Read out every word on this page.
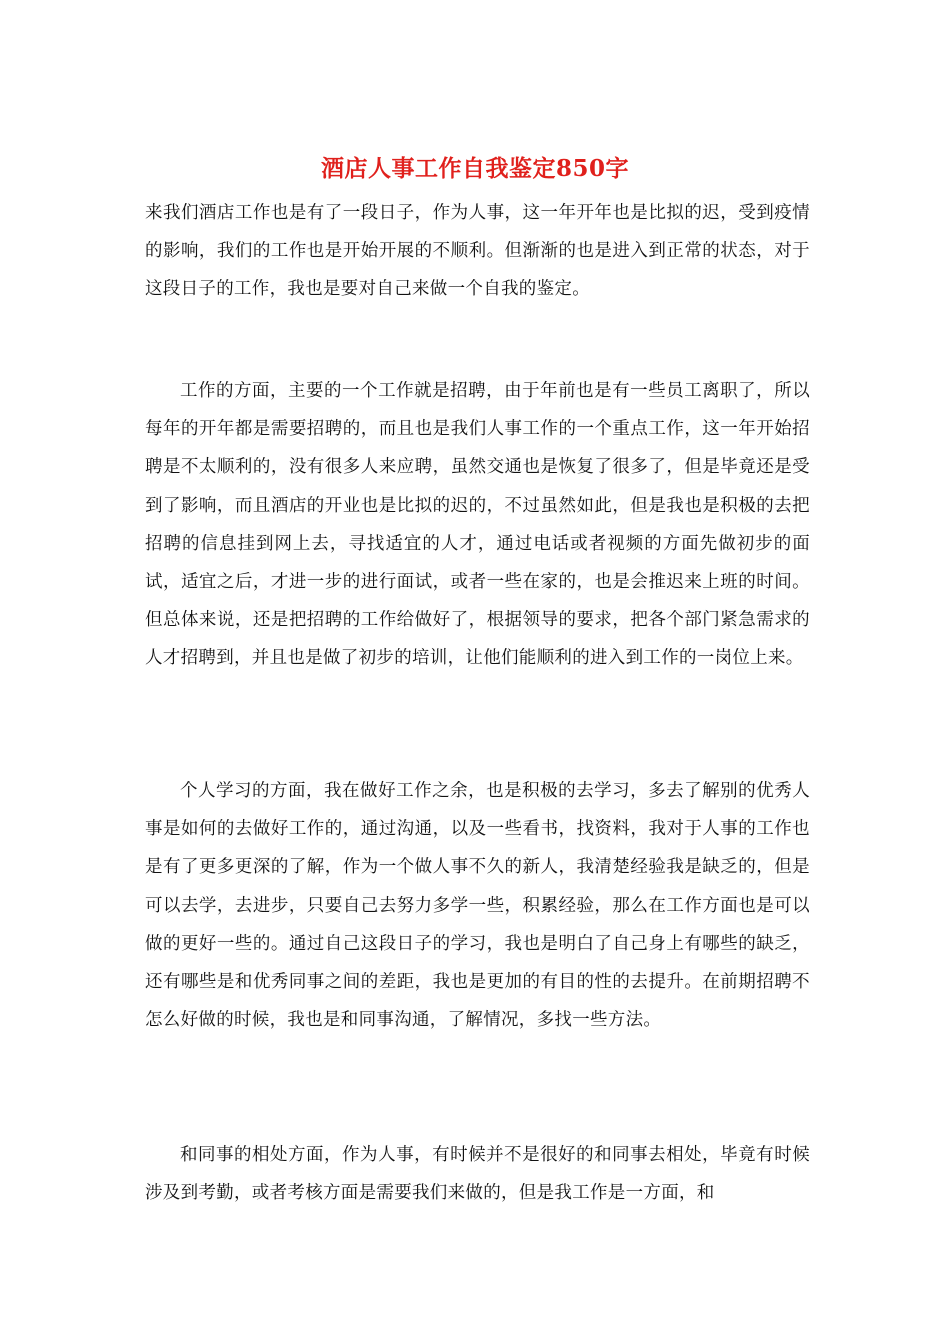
酒店人事工作自我鉴定850字

来我们酒店工作也是有了一段日子，作为人事，这一年开年也是比拟的迟，受到疫情的影响，我们的工作也是开始开展的不顺利。但渐渐的也是进入到正常的状态，对于这段日子的工作，我也是要对自己来做一个自我的鉴定。

工作的方面，主要的一个工作就是招聘，由于年前也是有一些员工离职了，所以每年的开年都是需要招聘的，而且也是我们人事工作的一个重点工作，这一年开始招聘是不太顺利的，没有很多人来应聘，虽然交通也是恢复了很多了，但是毕竟还是受到了影响，而且酒店的开业也是比拟的迟的，不过虽然如此，但是我也是积极的去把招聘的信息挂到网上去，寻找适宜的人才，通过电话或者视频的方面先做初步的面试，适宜之后，才进一步的进行面试，或者一些在家的，也是会推迟来上班的时间。但总体来说，还是把招聘的工作给做好了，根据领导的要求，把各个部门紧急需求的人才招聘到，并且也是做了初步的培训，让他们能顺利的进入到工作的一岗位上来。

个人学习的方面，我在做好工作之余，也是积极的去学习，多去了解别的优秀人事是如何的去做好工作的，通过沟通，以及一些看书，找资料，我对于人事的工作也是有了更多更深的了解，作为一个做人事不久的新人，我清楚经验我是缺乏的，但是可以去学，去进步，只要自己去努力多学一些，积累经验，那么在工作方面也是可以做的更好一些的。通过自己这段日子的学习，我也是明白了自己身上有哪些的缺乏，还有哪些是和优秀同事之间的差距，我也是更加的有目的性的去提升。在前期招聘不怎么好做的时候，我也是和同事沟通，了解情况，多找一些方法。

和同事的相处方面，作为人事，有时候并不是很好的和同事去相处，毕竟有时候涉及到考勤，或者考核方面是需要我们来做的，但是我工作是一方面，和
